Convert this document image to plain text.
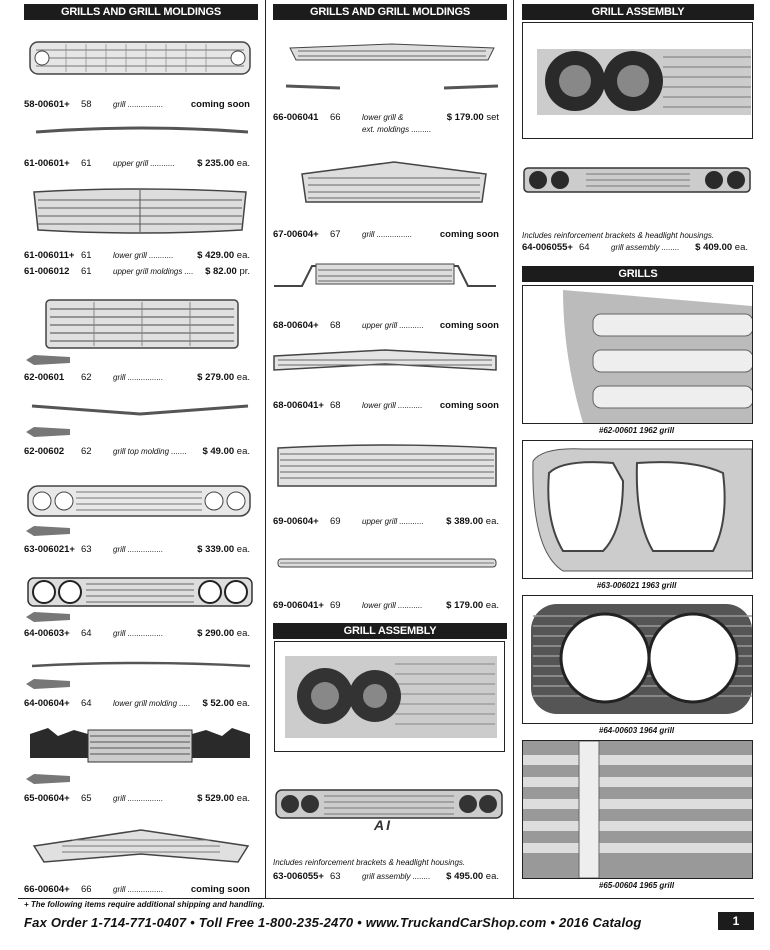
GRILLS AND GRILL MOLDINGS
58-00601+ 58	grill ................	coming soon
61-00601+ 61	upper grill ........... $ 235.00 ea.
61-006011+ 61	lower grill ........... $ 429.00 ea.
61-006012 61	upper grill moldings .... $ 82.00 pr.
62-00601 62	grill ................	$ 279.00 ea.
62-00602 62	grill top molding ....... $ 49.00 ea.
63-006021+ 63	grill ................	$ 339.00 ea.
64-00603+ 64	grill ................	$ 290.00 ea.
64-00604+ 64	lower grill molding ..... $ 52.00 ea.
65-00604+ 65	grill ................	$ 529.00 ea.
66-00604+ 66	grill ................	coming soon
GRILLS AND GRILL MOLDINGS
66-006041 66	lower grill &	$ 179.00 set
ext. moldings .........
67-00604+ 67	grill ................	coming soon
68-00604+ 68	upper grill ........... coming soon
68-006041+ 68	lower grill ........... coming soon
69-00604+ 69	upper grill ........... $ 389.00 ea.
69-006041+ 69	lower grill ........... $ 179.00 ea.
GRILL ASSEMBLY
AI
Includes reinforcement brackets & headlight housings.
63-006055+ 63	grill assembly ........ $ 495.00 ea.
GRILL ASSEMBLY
Includes reinforcement brackets & headlight housings.
64-006055+ 64	grill assembly ........ $ 409.00 ea.
GRILLS
#62-00601 1962 grill
#63-006021 1963 grill
#64-00603 1964 grill
#65-00604 1965 grill
+ The following items require additional shipping and handling.
Fax Order 1-714-771-0407 • Toll Free 1-800-235-2470 • www.TruckandCarShop.com • 2016 Catalog	1
